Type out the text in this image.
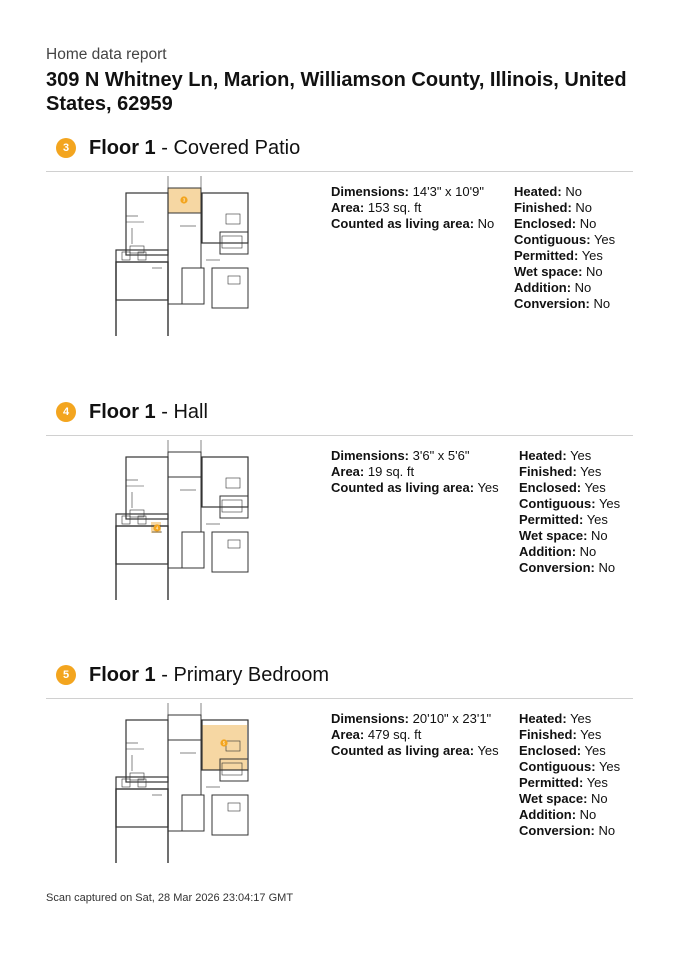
Home data report
309 N Whitney Ln, Marion, Williamson County, Illinois, United States, 62959
3 Floor 1 - Covered Patio
3
Dimensions: 14'3" x 10'9"
Area: 153 sq. ft
Counted as living area: No
Heated: No
Finished: No
Enclosed: No
Contiguous: Yes
Permitted: Yes
Wet space: No
Addition: No
Conversion: No
4 Floor 1 - Hall
4
Dimensions: 3'6" x 5'6"
Area: 19 sq. ft
Counted as living area: Yes
Heated: Yes
Finished: Yes
Enclosed: Yes
Contiguous: Yes
Permitted: Yes
Wet space: No
Addition: No
Conversion: No
5 Floor 1 - Primary Bedroom
5
Dimensions: 20'10" x 23'1"
Area: 479 sq. ft
Counted as living area: Yes
Heated: Yes
Finished: Yes
Enclosed: Yes
Contiguous: Yes
Permitted: Yes
Wet space: No
Addition: No
Conversion: No
Scan captured on Sat, 28 Mar 2026 23:04:17 GMT
